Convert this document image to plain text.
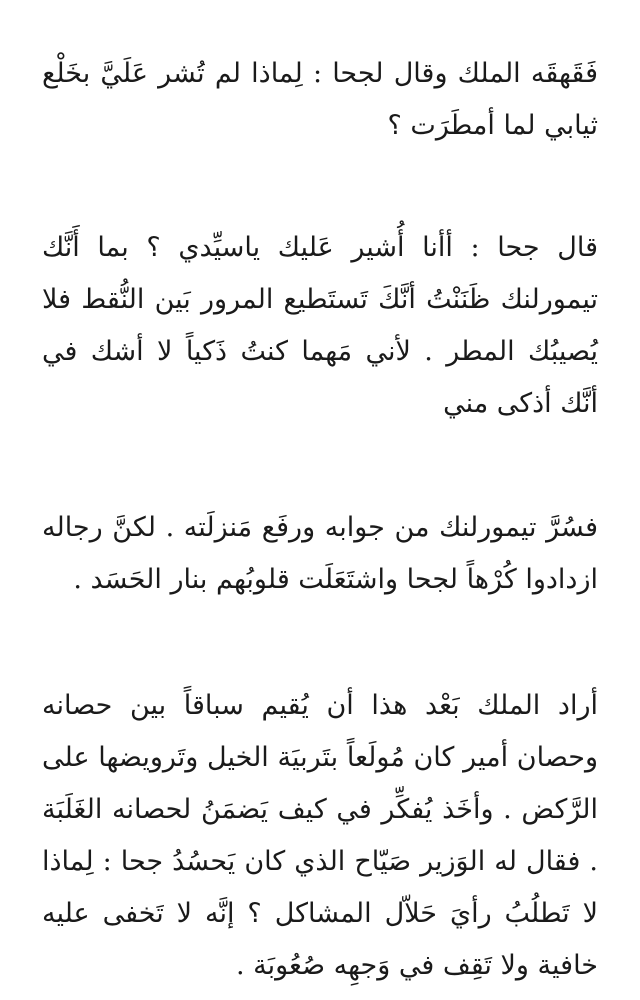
فَقَهقَه الملك وقال لجحا : لِماذا لم تُشر عَلَيَّ بخَلْع ثيابي لما أمطَرَت ؟

قال جحا : أأنا أُشير عَليك ياسيِّدي ؟ بما أَنَّك تيمورلنك ظَنَنْتُ أنَّكَ تَستَطيع المرور بَين النُّقط فلا يُصيبُك المطر . لأني مَهما كنتُ ذَكياً لا أشك في أنَّك أذكى مني

فسُرَّ تيمورلنك من جوابه ورفَع مَنزلَته . لكنَّ رجاله ازدادوا كُرْهاً لجحا واشتَعَلَت قلوبُهم بنار الحَسَد .

أراد الملك بَعْد هذا أن يُقيم سباقاً بين حصانه وحصان أمير كان مُولَعاً بتَربيَة الخيل وتَرويضها على الرَّكض . وأخَذ يُفكِّر في كيف يَضمَنُ لحصانه الغَلَبَة . فقال له الوَزير صَيّاح الذي كان يَحسُدُ جحا : لِماذا لا تَطلُبُ رأيَ حَلاّل المشاكل ؟ إنَّه لا تَخفى عليه خافية ولا تَقِف في وَجهِه صُعُوبَة .
